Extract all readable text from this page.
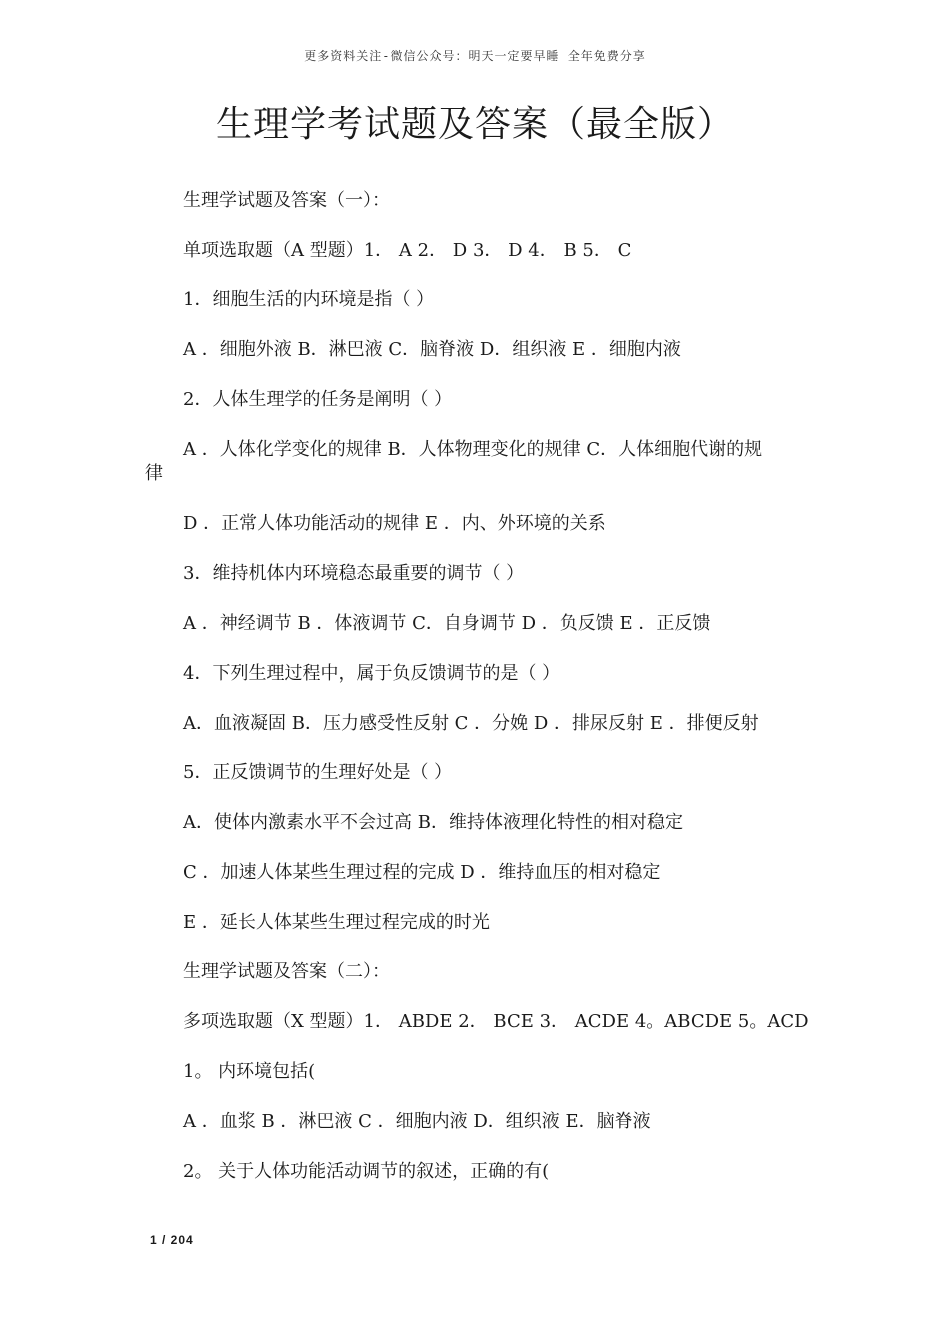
更多资料关注-微信公众号：明天一定要早睡 全年免费分享
生理学考试题及答案（最全版）
生理学试题及答案（一）：
单项选取题（A 型题）1． A 2． D 3． D 4． B 5． C
1．细胞生活的内环境是指（ ）
A ．细胞外液 B．淋巴液 C．脑脊液 D．组织液 E ．细胞内液
2．人体生理学的任务是阐明（ ）
A ．人体化学变化的规律 B．人体物理变化的规律 C．人体细胞代谢的规律
D ．正常人体功能活动的规律 E ．内、外环境的关系
3．维持机体内环境稳态最重要的调节（ ）
A ．神经调节 B ．体液调节 C．自身调节 D ．负反馈 E ．正反馈
4．下列生理过程中，属于负反馈调节的是（ ）
A．血液凝固 B．压力感受性反射 C ．分娩 D ．排尿反射 E ．排便反射
5．正反馈调节的生理好处是（ ）
A．使体内激素水平不会过高 B．维持体液理化特性的相对稳定
C ．加速人体某些生理过程的完成 D ．维持血压的相对稳定
E ．延长人体某些生理过程完成的时光
生理学试题及答案（二）：
多项选取题（X 型题）1． ABDE 2． BCE 3． ACDE 4。ABCDE 5。ACD
1。 内环境包括(
A ．血浆 B ．淋巴液 C ．细胞内液 D．组织液 E．脑脊液
2。 关于人体功能活动调节的叙述，正确的有(
1 / 204
